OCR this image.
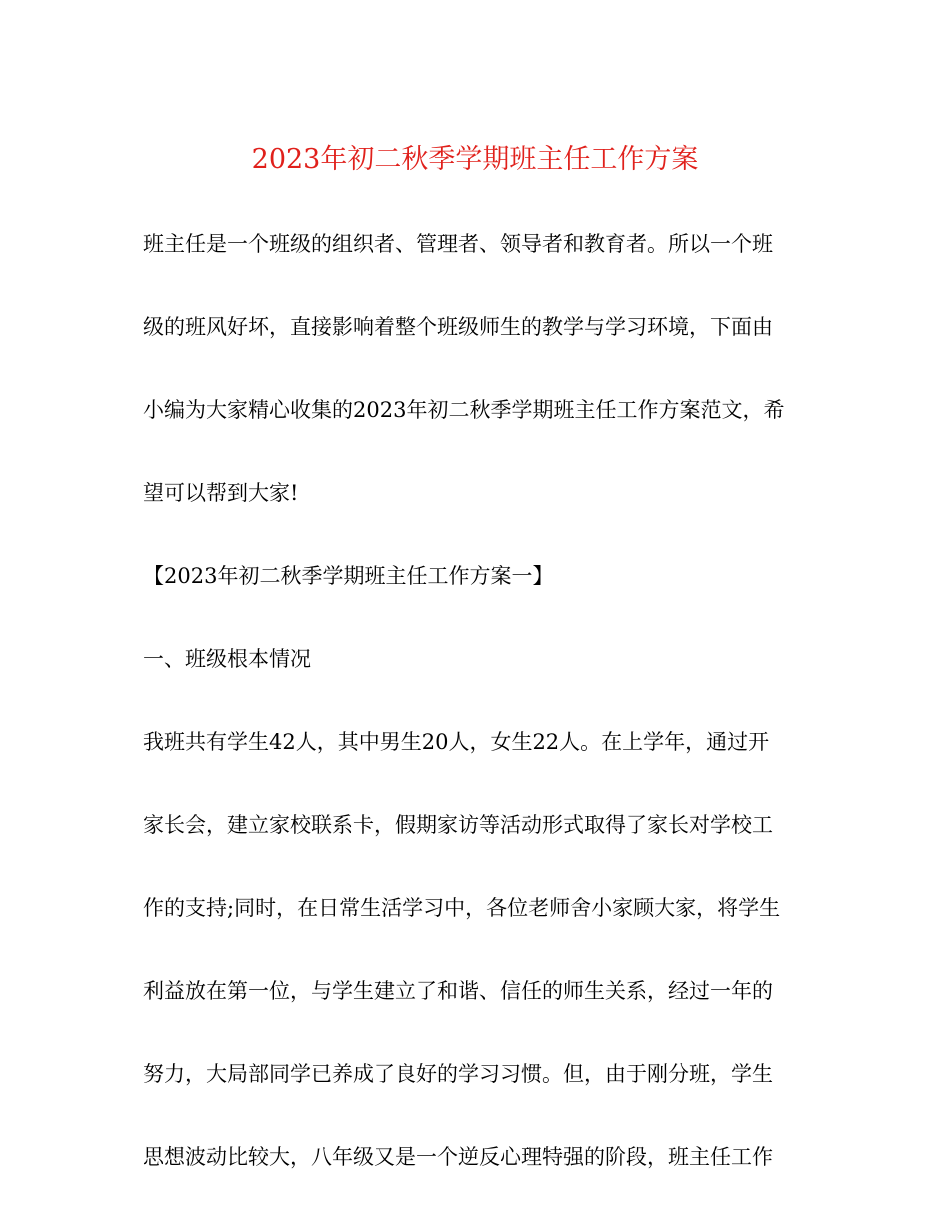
2023年初二秋季学期班主任工作方案
班主任是一个班级的组织者、管理者、领导者和教育者。所以一个班
级的班风好坏，直接影响着整个班级师生的教学与学习环境，下面由
小编为大家精心收集的2023年初二秋季学期班主任工作方案范文，希
望可以帮到大家!
【2023年初二秋季学期班主任工作方案一】
一、班级根本情况
我班共有学生42人，其中男生20人，女生22人。在上学年，通过开
家长会，建立家校联系卡，假期家访等活动形式取得了家长对学校工
作的支持;同时，在日常生活学习中，各位老师舍小家顾大家，将学生
利益放在第一位，与学生建立了和谐、信任的师生关系，经过一年的
努力，大局部同学已养成了良好的学习习惯。但，由于刚分班，学生
思想波动比较大，八年级又是一个逆反心理特强的阶段，班主任工作
